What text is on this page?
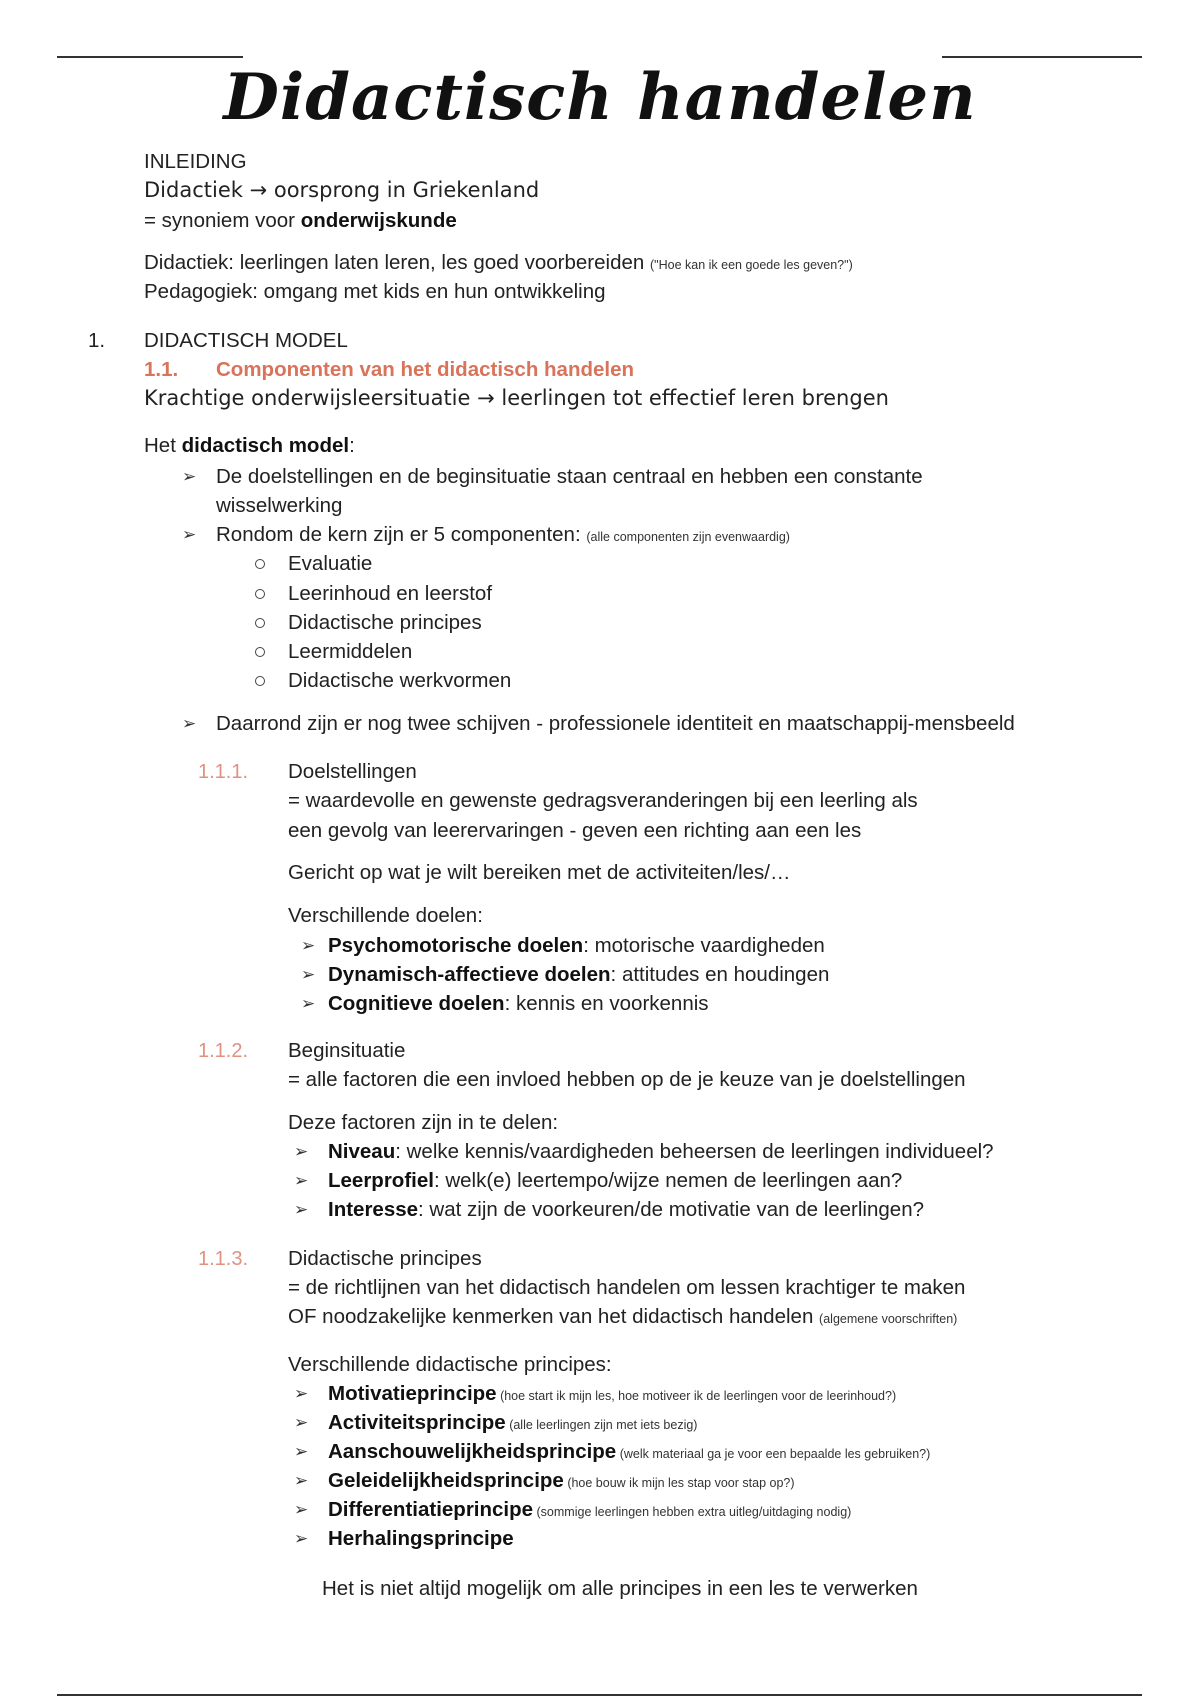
Didactisch handelen
INLEIDING
Didactiek → oorsprong in Griekenland
= synoniem voor onderwijskunde
Didactiek: leerlingen laten leren, les goed voorbereiden ("Hoe kan ik een goede les geven?")
Pedagogiek: omgang met kids en hun ontwikkeling
1. DIDACTISCH MODEL
1.1. Componenten van het didactisch handelen
Krachtige onderwijsleersituatie → leerlingen tot effectief leren brengen
Het didactisch model:
➢ De doelstellingen en de beginsituatie staan centraal en hebben een constante
wisselwerking
➢ Rondom de kern zijn er 5 componenten: (alle componenten zijn evenwaardig)
Evaluatie
Leerinhoud en leerstof
Didactische principes
Leermiddelen
Didactische werkvormen
➢ Daarrond zijn er nog twee schijven - professionele identiteit en maatschappij-mensbeeld
1.1.1. Doelstellingen
= waardevolle en gewenste gedragsveranderingen bij een leerling als
een gevolg van leerervaringen - geven een richting aan een les
Gericht op wat je wilt bereiken met de activiteiten/les/…
Verschillende doelen:
➢ Psychomotorische doelen: motorische vaardigheden
➢ Dynamisch-affectieve doelen: attitudes en houdingen
➢ Cognitieve doelen: kennis en voorkennis
1.1.2. Beginsituatie
= alle factoren die een invloed hebben op de je keuze van je doelstellingen
Deze factoren zijn in te delen:
➢ Niveau: welke kennis/vaardigheden beheersen de leerlingen individueel?
➢ Leerprofiel: welk(e) leertempo/wijze nemen de leerlingen aan?
➢ Interesse: wat zijn de voorkeuren/de motivatie van de leerlingen?
1.1.3. Didactische principes
= de richtlijnen van het didactisch handelen om lessen krachtiger te maken
OF noodzakelijke kenmerken van het didactisch handelen (algemene voorschriften)
Verschillende didactische principes:
➢ Motivatieprincipe (hoe start ik mijn les, hoe motiveer ik de leerlingen voor de leerinhoud?)
➢ Activiteitsprincipe (alle leerlingen zijn met iets bezig)
➢ Aanschouwelijkheidsprincipe (welk materiaal ga je voor een bepaalde les gebruiken?)
➢ Geleidelijkheidsprincipe (hoe bouw ik mijn les stap voor stap op?)
➢ Differentiatieprincipe (sommige leerlingen hebben extra uitleg/uitdaging nodig)
➢ Herhalingsprincipe
Het is niet altijd mogelijk om alle principes in een les te verwerken
